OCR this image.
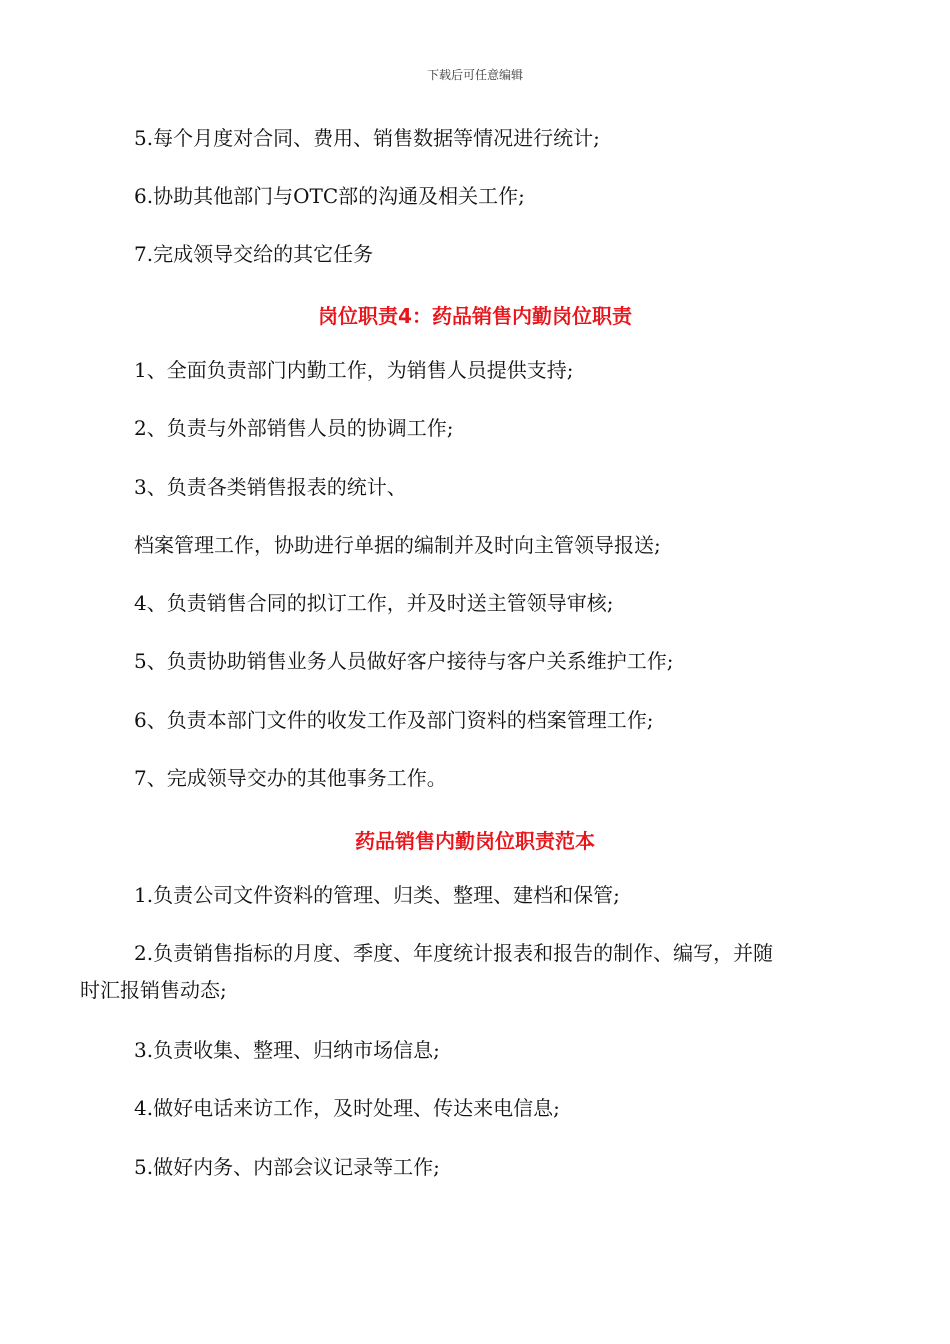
下载后可任意编辑
5.每个月度对合同、费用、销售数据等情况进行统计;
6.协助其他部门与OTC部的沟通及相关工作;
7.完成领导交给的其它任务
岗位职责4：药品销售内勤岗位职责
1、全面负责部门内勤工作，为销售人员提供支持;
2、负责与外部销售人员的协调工作;
3、负责各类销售报表的统计、
档案管理工作，协助进行单据的编制并及时向主管领导报送;
4、负责销售合同的拟订工作，并及时送主管领导审核;
5、负责协助销售业务人员做好客户接待与客户关系维护工作;
6、负责本部门文件的收发工作及部门资料的档案管理工作;
7、完成领导交办的其他事务工作。
药品销售内勤岗位职责范本
1.负责公司文件资料的管理、归类、整理、建档和保管;
2.负责销售指标的月度、季度、年度统计报表和报告的制作、编写，并随
时汇报销售动态;
3.负责收集、整理、归纳市场信息;
4.做好电话来访工作，及时处理、传达来电信息;
5.做好内务、内部会议记录等工作;
